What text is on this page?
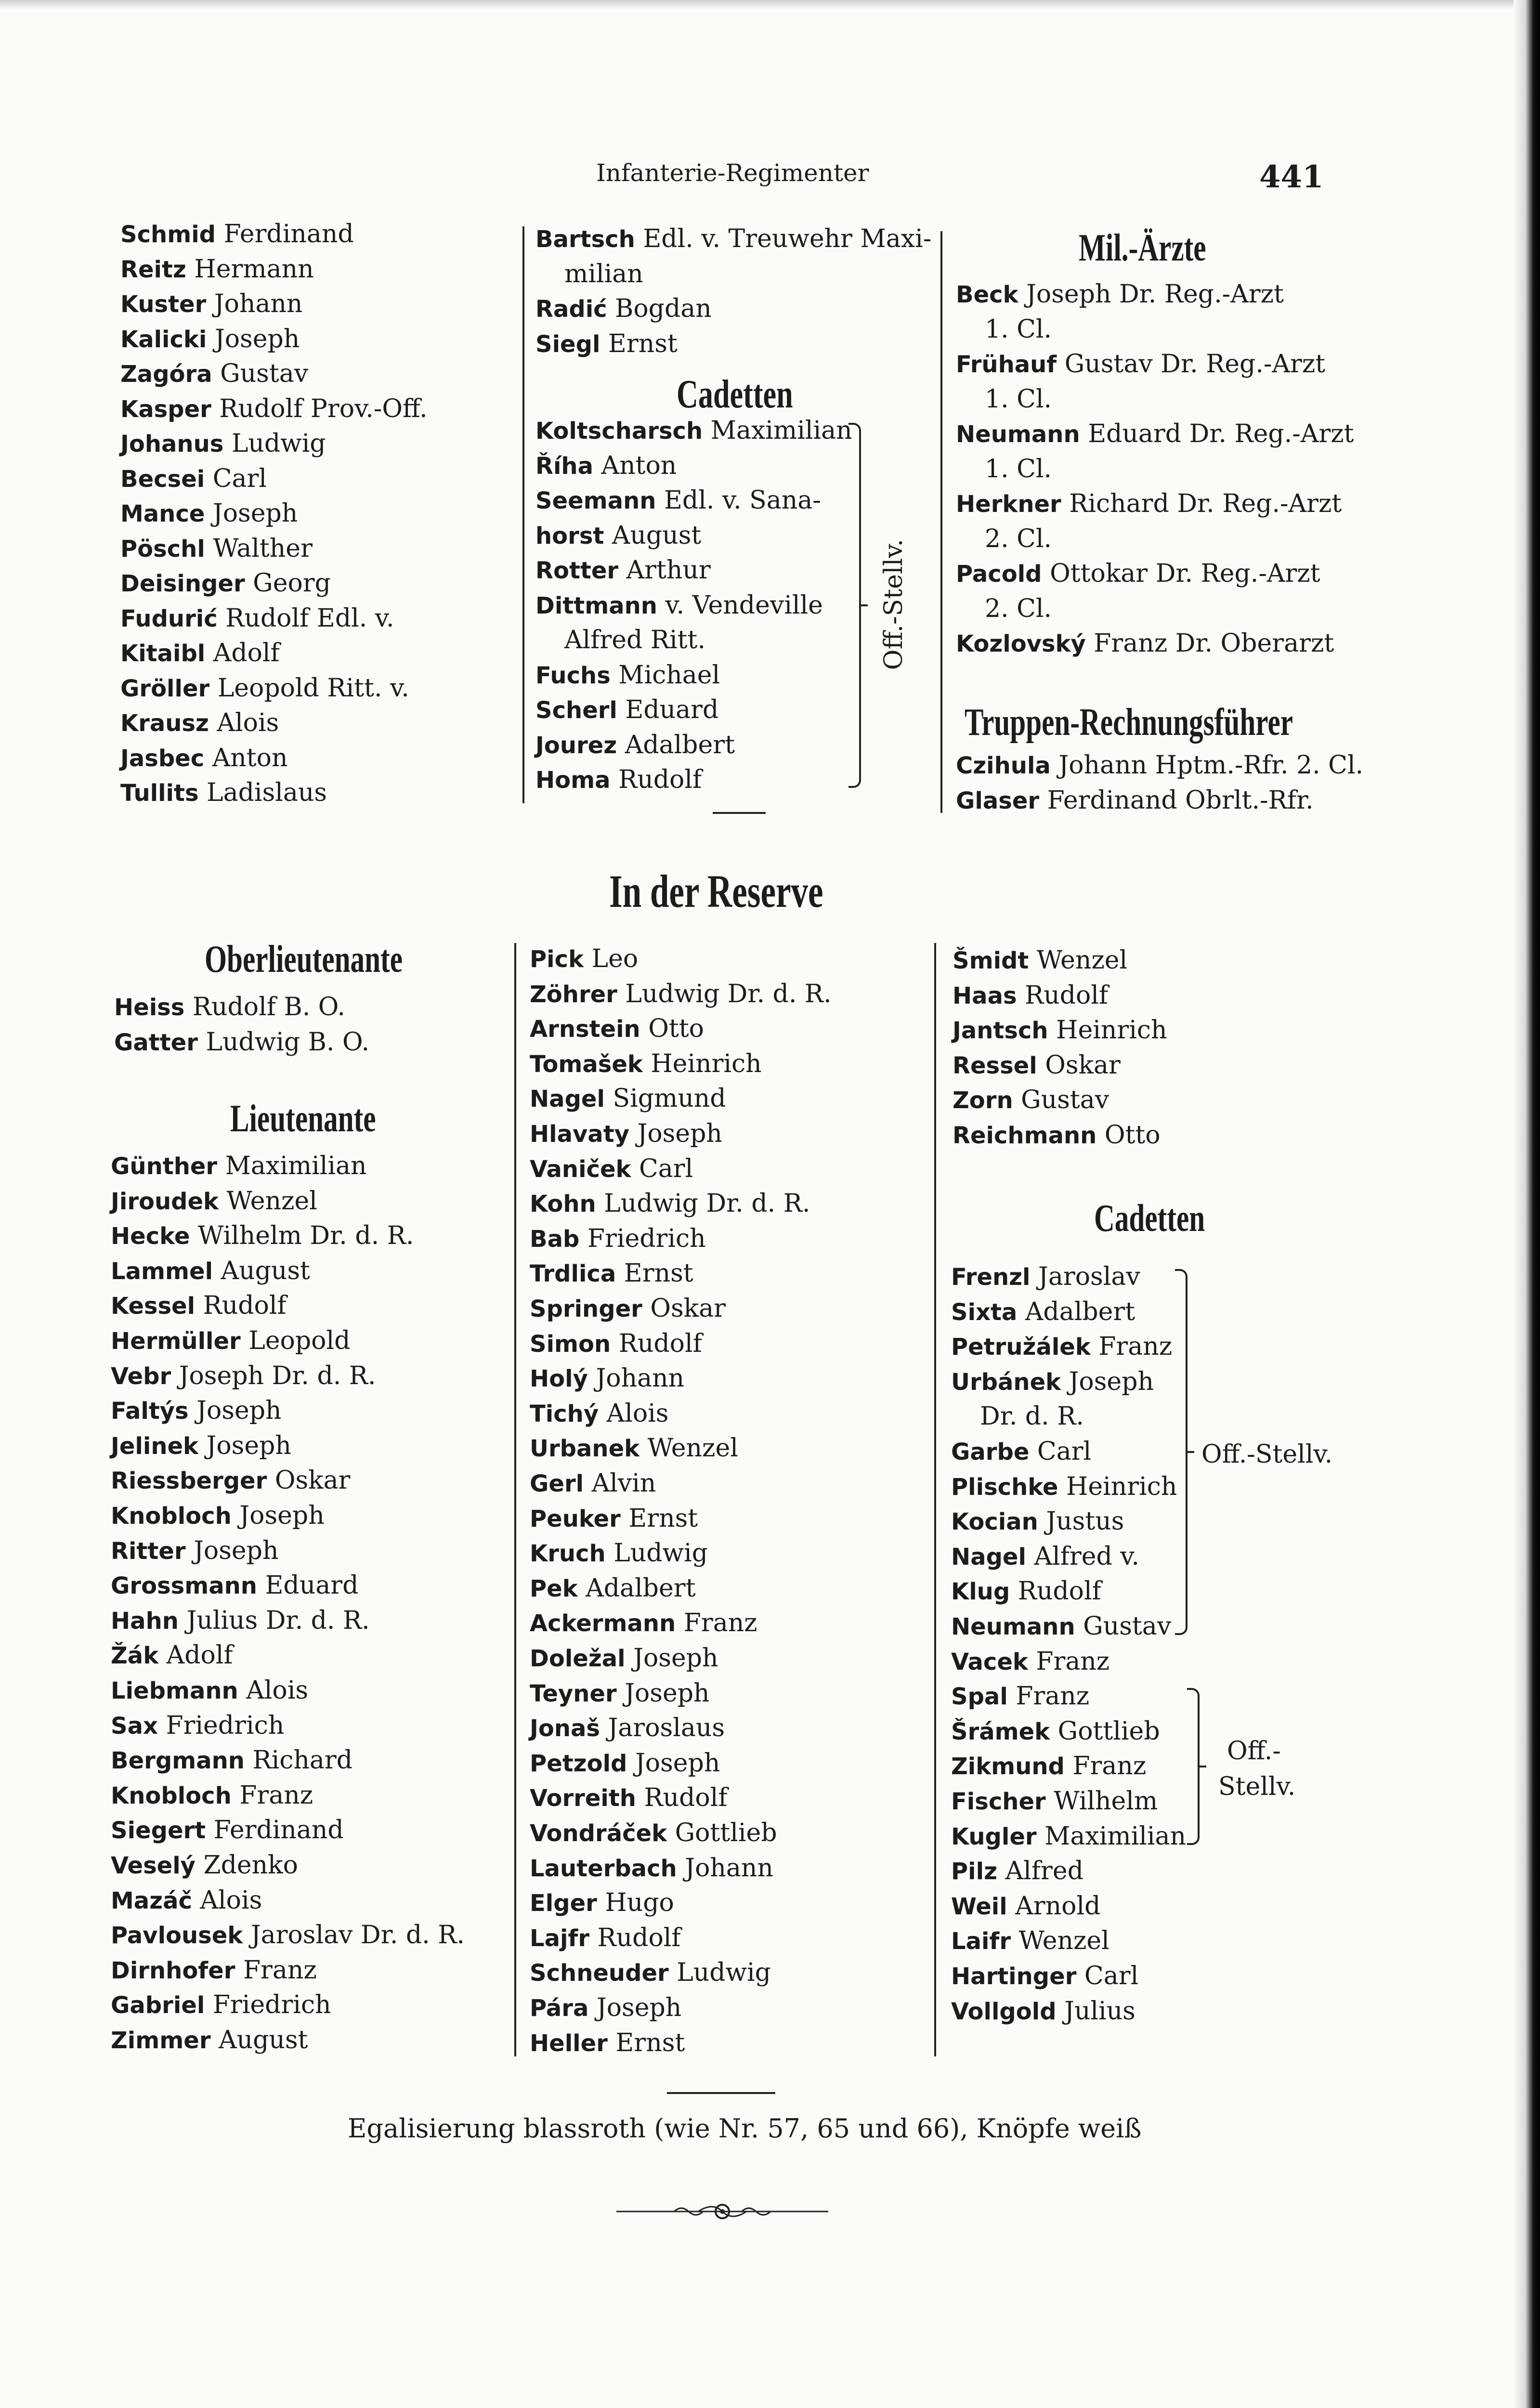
Infanterie-Regimenter	441
Schmid Ferdinand
Reitz Hermann
Kuster Johann
Kalicki Joseph
Zagóra Gustav
Kasper Rudolf Prov.-Off.
Johanus Ludwig
Becsei Carl
Mance Joseph
Pöschl Walther
Deisinger Georg
Fudurić Rudolf Edl. v.
Kitaibl Adolf
Gröller Leopold Ritt. v.
Krausz Alois
Jasbec Anton
Tullits Ladislaus
Bartsch Edl. v. Treuwehr Maxi-
milian
Radić Bogdan
Siegl Ernst
Cadetten
Koltscharsch Maximilian
Říha Anton
Seemann Edl. v. Sana-
horst August
Rotter Arthur
Dittmann v. Vendeville
Alfred Ritt.
Fuchs Michael
Scherl Eduard
Jourez Adalbert
Homa Rudolf
Off.-Stellv.
Mil.-Ärzte
Beck Joseph Dr. Reg.-Arzt
1. Cl.
Frühauf Gustav Dr. Reg.-Arzt
1. Cl.
Neumann Eduard Dr. Reg.-Arzt
1. Cl.
Herkner Richard Dr. Reg.-Arzt
2. Cl.
Pacold Ottokar Dr. Reg.-Arzt
2. Cl.
Kozlovský Franz Dr. Oberarzt
Truppen-Rechnungsführer
Czihula Johann Hptm.-Rfr. 2. Cl.
Glaser Ferdinand Obrlt.-Rfr.
In der Reserve
Oberlieutenante
Heiss Rudolf B. O.
Gatter Ludwig B. O.
Lieutenante
Günther Maximilian
Jiroudek Wenzel
Hecke Wilhelm Dr. d. R.
Lammel August
Kessel Rudolf
Hermüller Leopold
Vebr Joseph Dr. d. R.
Faltýs Joseph
Jelinek Joseph
Riessberger Oskar
Knobloch Joseph
Ritter Joseph
Grossmann Eduard
Hahn Julius Dr. d. R.
Žák Adolf
Liebmann Alois
Sax Friedrich
Bergmann Richard
Knobloch Franz
Siegert Ferdinand
Veselý Zdenko
Mazáč Alois
Pavlousek Jaroslav Dr. d. R.
Dirnhofer Franz
Gabriel Friedrich
Zimmer August
Pick Leo
Zöhrer Ludwig Dr. d. R.
Arnstein Otto
Tomašek Heinrich
Nagel Sigmund
Hlavaty Joseph
Vaniček Carl
Kohn Ludwig Dr. d. R.
Bab Friedrich
Trdlica Ernst
Springer Oskar
Simon Rudolf
Holý Johann
Tichý Alois
Urbanek Wenzel
Gerl Alvin
Peuker Ernst
Kruch Ludwig
Pek Adalbert
Ackermann Franz
Doležal Joseph
Teyner Joseph
Jonaš Jaroslaus
Petzold Joseph
Vorreith Rudolf
Vondráček Gottlieb
Lauterbach Johann
Elger Hugo
Lajfr Rudolf
Schneuder Ludwig
Pára Joseph
Heller Ernst
Šmidt Wenzel
Haas Rudolf
Jantsch Heinrich
Ressel Oskar
Zorn Gustav
Reichmann Otto
Cadetten
Frenzl Jaroslav
Sixta Adalbert
Petružálek Franz
Urbánek Joseph
Dr. d. R.
Garbe Carl
Plischke Heinrich
Kocian Justus
Nagel Alfred v.
Klug Rudolf
Neumann Gustav
Vacek Franz
Spal Franz
Šrámek Gottlieb
Zikmund Franz
Fischer Wilhelm
Kugler Maximilian
Pilz Alfred
Weil Arnold
Laifr Wenzel
Hartinger Carl
Vollgold Julius
Off.-Stellv.
Off.-
Stellv.
Egalisierung blassroth (wie Nr. 57, 65 und 66), Knöpfe weiß
